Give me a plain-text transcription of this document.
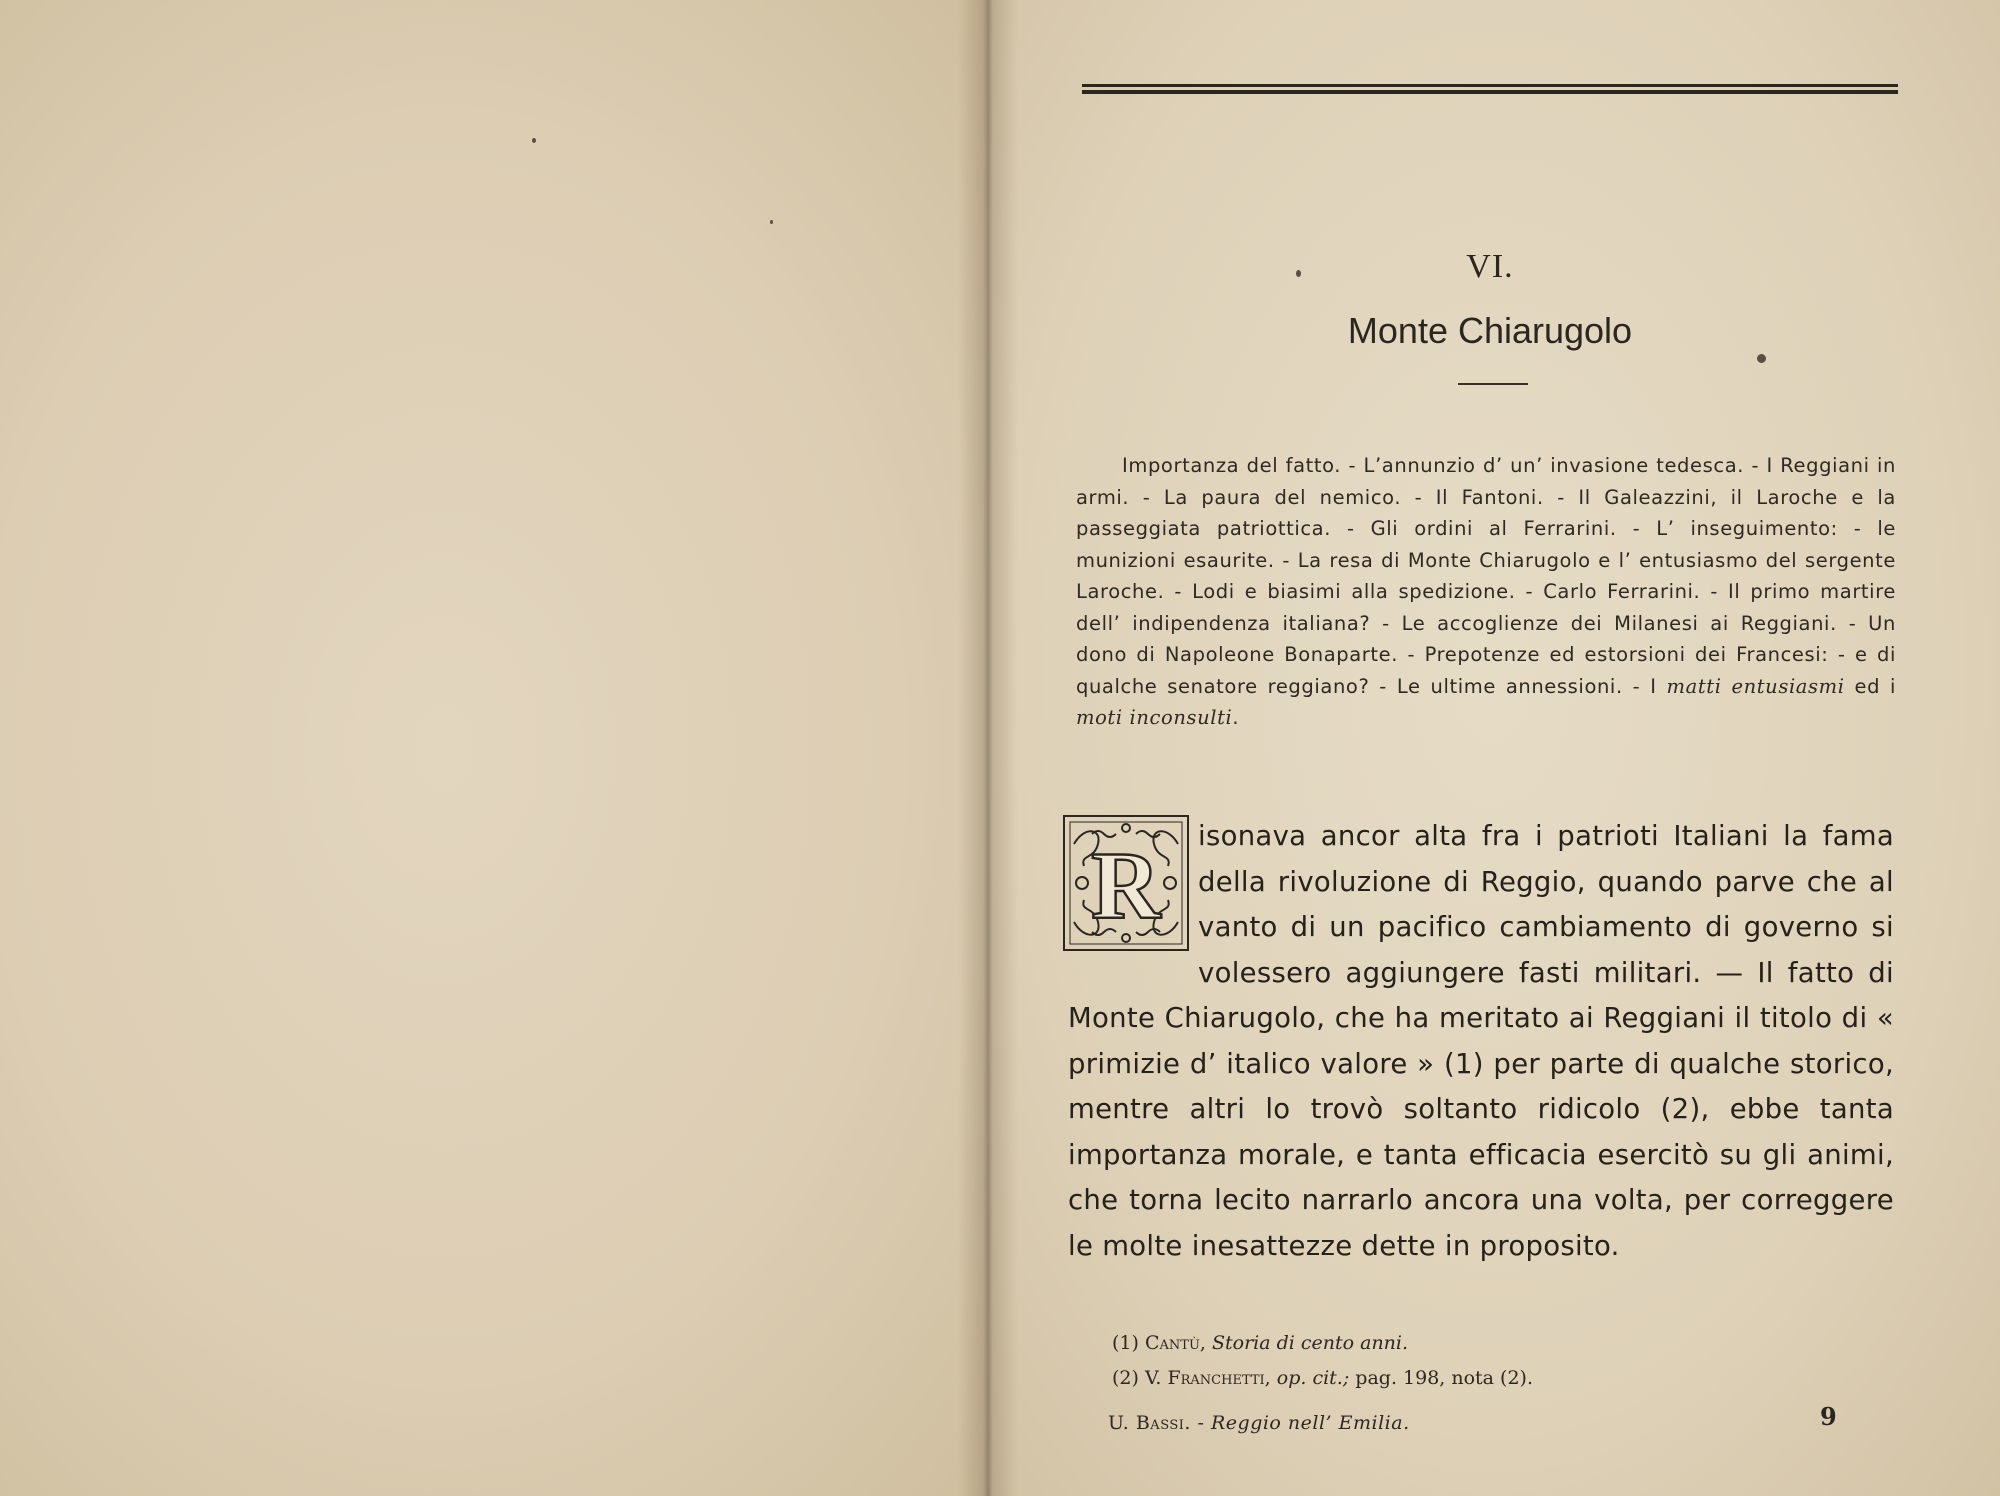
VI.
Monte Chiarugolo
Importanza del fatto. - L’annunzio d’ un’ invasione tedesca. - I Reggiani in armi. - La paura del nemico. - Il Fantoni. - Il Galeazzini, il Laroche e la passeggiata patriottica. - Gli ordini al Ferrarini. - L’ inseguimento: - le munizioni esaurite. - La resa di Monte Chiarugolo e l’ entusiasmo del sergente Laroche. - Lodi e biasimi alla spedizione. - Carlo Ferrarini. - Il primo martire dell’ indipendenza italiana? - Le accoglienze dei Milanesi ai Reggiani. - Un dono di Napoleone Bonaparte. - Prepotenze ed estorsioni dei Francesi: - e di qualche senatore reggiano? - Le ultime annessioni. - I matti entusiasmi ed i moti inconsulti.
R isonava ancor alta fra i patrioti Italiani la fama della rivoluzione di Reggio, quando parve che al vanto di un pacifico cambiamento di governo si volessero aggiungere fasti militari. — Il fatto di Monte Chiarugolo, che ha meritato ai Reggiani il titolo di « primizie d’ italico valore » (1) per parte di qualche storico, mentre altri lo trovò soltanto ridicolo (2), ebbe tanta importanza morale, e tanta efficacia esercitò su gli animi, che torna lecito narrarlo ancora una volta, per correggere le molte inesattezze dette in proposito.
(1) Cantù, Storia di cento anni.
(2) V. Franchetti, op. cit.; pag. 198, nota (2).
U. Bassi. - Reggio nell’ Emilia.	9
